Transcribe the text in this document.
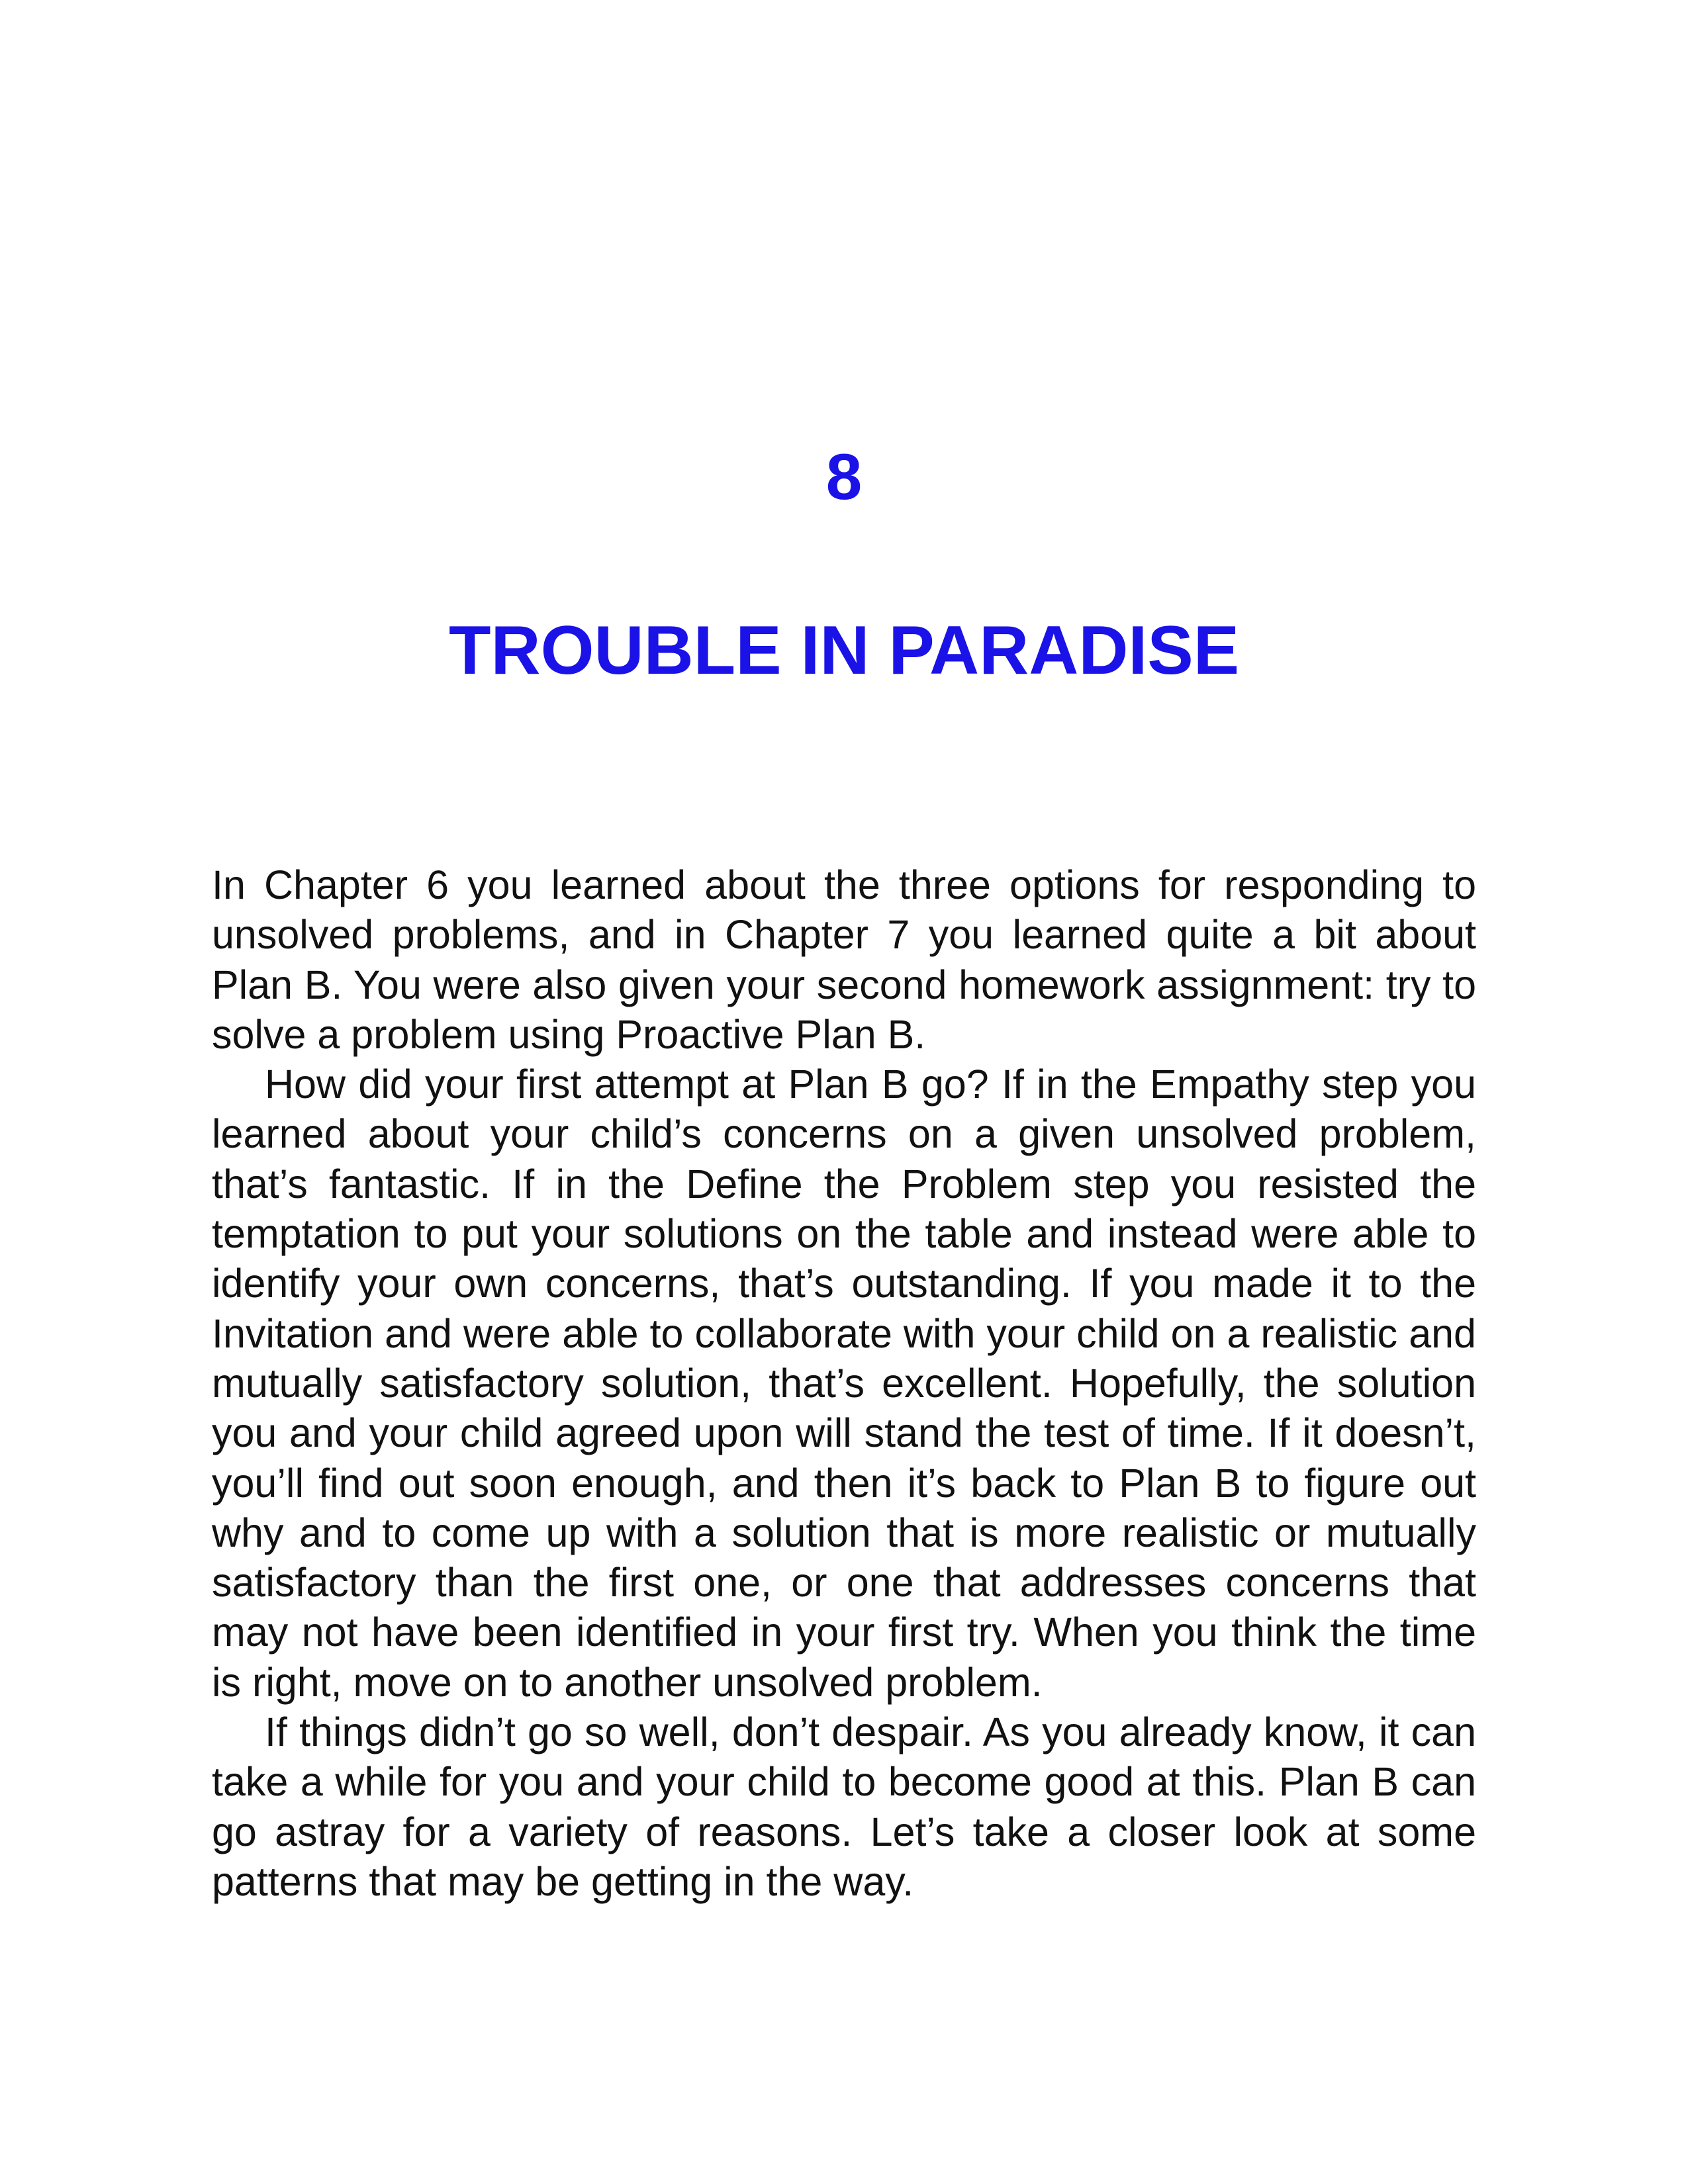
8
TROUBLE IN PARADISE

In Chapter 6 you learned about the three options for responding to unsolved problems, and in Chapter 7 you learned quite a bit about Plan B. You were also given your second homework assignment: try to solve a problem using Proactive Plan B.

How did your first attempt at Plan B go? If in the Empathy step you learned about your child’s concerns on a given unsolved problem, that’s fantastic. If in the Define the Problem step you resisted the temptation to put your solutions on the table and instead were able to identify your own concerns, that’s outstanding. If you made it to the Invitation and were able to collaborate with your child on a realistic and mutually satisfactory solution, that’s excellent. Hopefully, the solution you and your child agreed upon will stand the test of time. If it doesn’t, you’ll find out soon enough, and then it’s back to Plan B to figure out why and to come up with a solution that is more realistic or mutually satisfactory than the first one, or one that addresses concerns that may not have been identified in your first try. When you think the time is right, move on to another unsolved problem.

If things didn’t go so well, don’t despair. As you already know, it can take a while for you and your child to become good at this. Plan B can go astray for a variety of reasons. Let’s take a closer look at some patterns that may be getting in the way.
